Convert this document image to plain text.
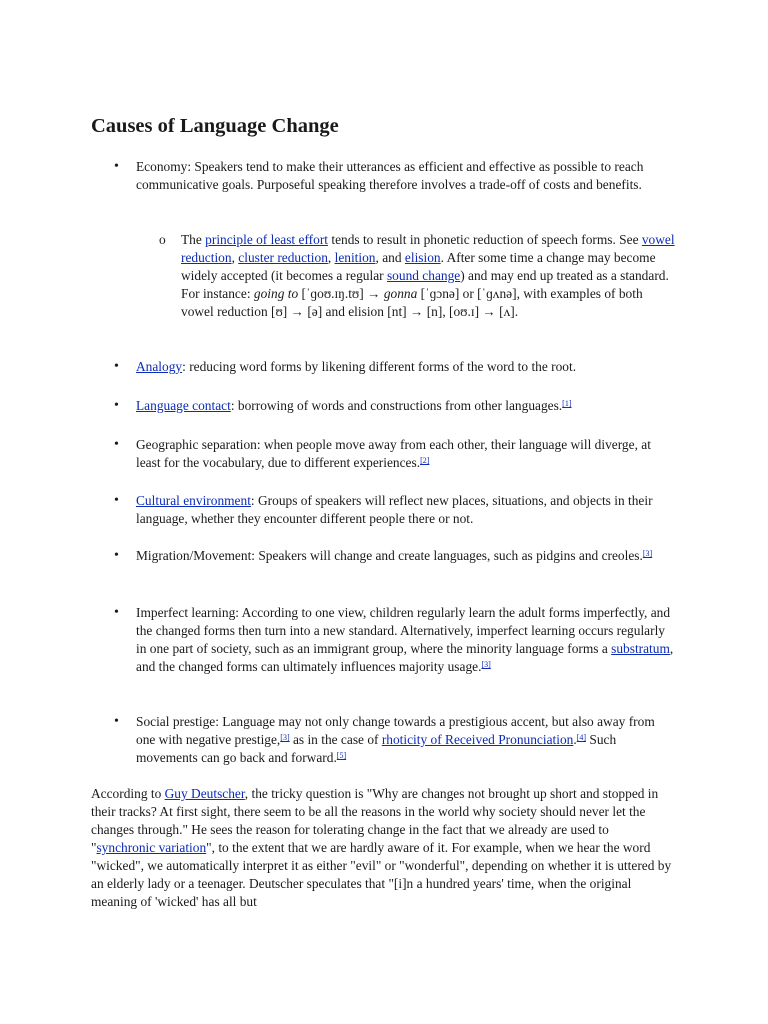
Causes of Language Change
• Economy: Speakers tend to make their utterances as efficient and effective as possible to reach communicative goals. Purposeful speaking therefore involves a trade-off of costs and benefits.
• Analogy: reducing word forms by likening different forms of the word to the root.
• Language contact: borrowing of words and constructions from other languages.[1]
• Geographic separation: when people move away from each other, their language will diverge, at least for the vocabulary, due to different experiences.[2]
• Cultural environment: Groups of speakers will reflect new places, situations, and objects in their language, whether they encounter different people there or not.
• Migration/Movement: Speakers will change and create languages, such as pidgins and creoles.[3]
• Imperfect learning: According to one view, children regularly learn the adult forms imperfectly, and the changed forms then turn into a new standard. Alternatively, imperfect learning occurs regularly in one part of society, such as an immigrant group, where the minority language forms a substratum, and the changed forms can ultimately influences majority usage.[3]
• Social prestige: Language may not only change towards a prestigious accent, but also away from one with negative prestige,[3] as in the case of rhoticity of Received Pronunciation.[4] Such movements can go back and forward.[5]
o The principle of least effort tends to result in phonetic reduction of speech forms. See vowel reduction, cluster reduction, lenition, and elision. After some time a change may become widely accepted (it becomes a regular sound change) and may end up treated as a standard. For instance: going to [ˈɡoʊ.ɪŋ.tʊ] → gonna [ˈɡɔnə] or [ˈɡʌnə], with examples of both vowel reduction [ʊ] → [ə] and elision [nt] → [n], [oʊ.ɪ] → [ʌ].

According to Guy Deutscher, the tricky question is "Why are changes not brought up short and stopped in their tracks? At first sight, there seem to be all the reasons in the world why society should never let the changes through." He sees the reason for tolerating change in the fact that we already are used to "synchronic variation", to the extent that we are hardly aware of it. For example, when we hear the word "wicked", we automatically interpret it as either "evil" or "wonderful", depending on whether it is uttered by an elderly lady or a teenager. Deutscher speculates that "[i]n a hundred years' time, when the original meaning of 'wicked' has all but
